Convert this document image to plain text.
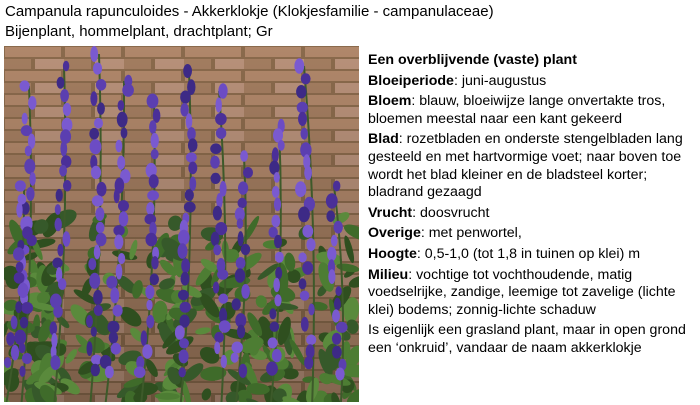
Campanula rapunculoides - Akkerklokje (Klokjesfamilie - campanulaceae)
Bijenplant, hommelplant, drachtplant; Gr

Een overblijvende (vaste) plant

Bloeiperiode: juni-augustus

Bloem: blauw, bloeiwijze lange onvertakte tros, bloemen meestal naar een kant gekeerd

Blad: rozetbladen en onderste stengelbladen lang gesteeld en met hartvormige voet; naar boven toe wordt het blad kleiner en de bladsteel korter; bladrand gezaagd

Vrucht: doosvrucht

Overige: met penwortel,

Hoogte: 0,5-1,0 (tot 1,8 in tuinen op klei) m

Milieu: vochtige tot vochthoudende, matig voedselrijke, zandige, leemige tot zavelige (lichte klei) bodems; zonnig-lichte schaduw

Is eigenlijk een grasland plant, maar in open grond een ‘onkruid’, vandaar de naam akkerklokje
